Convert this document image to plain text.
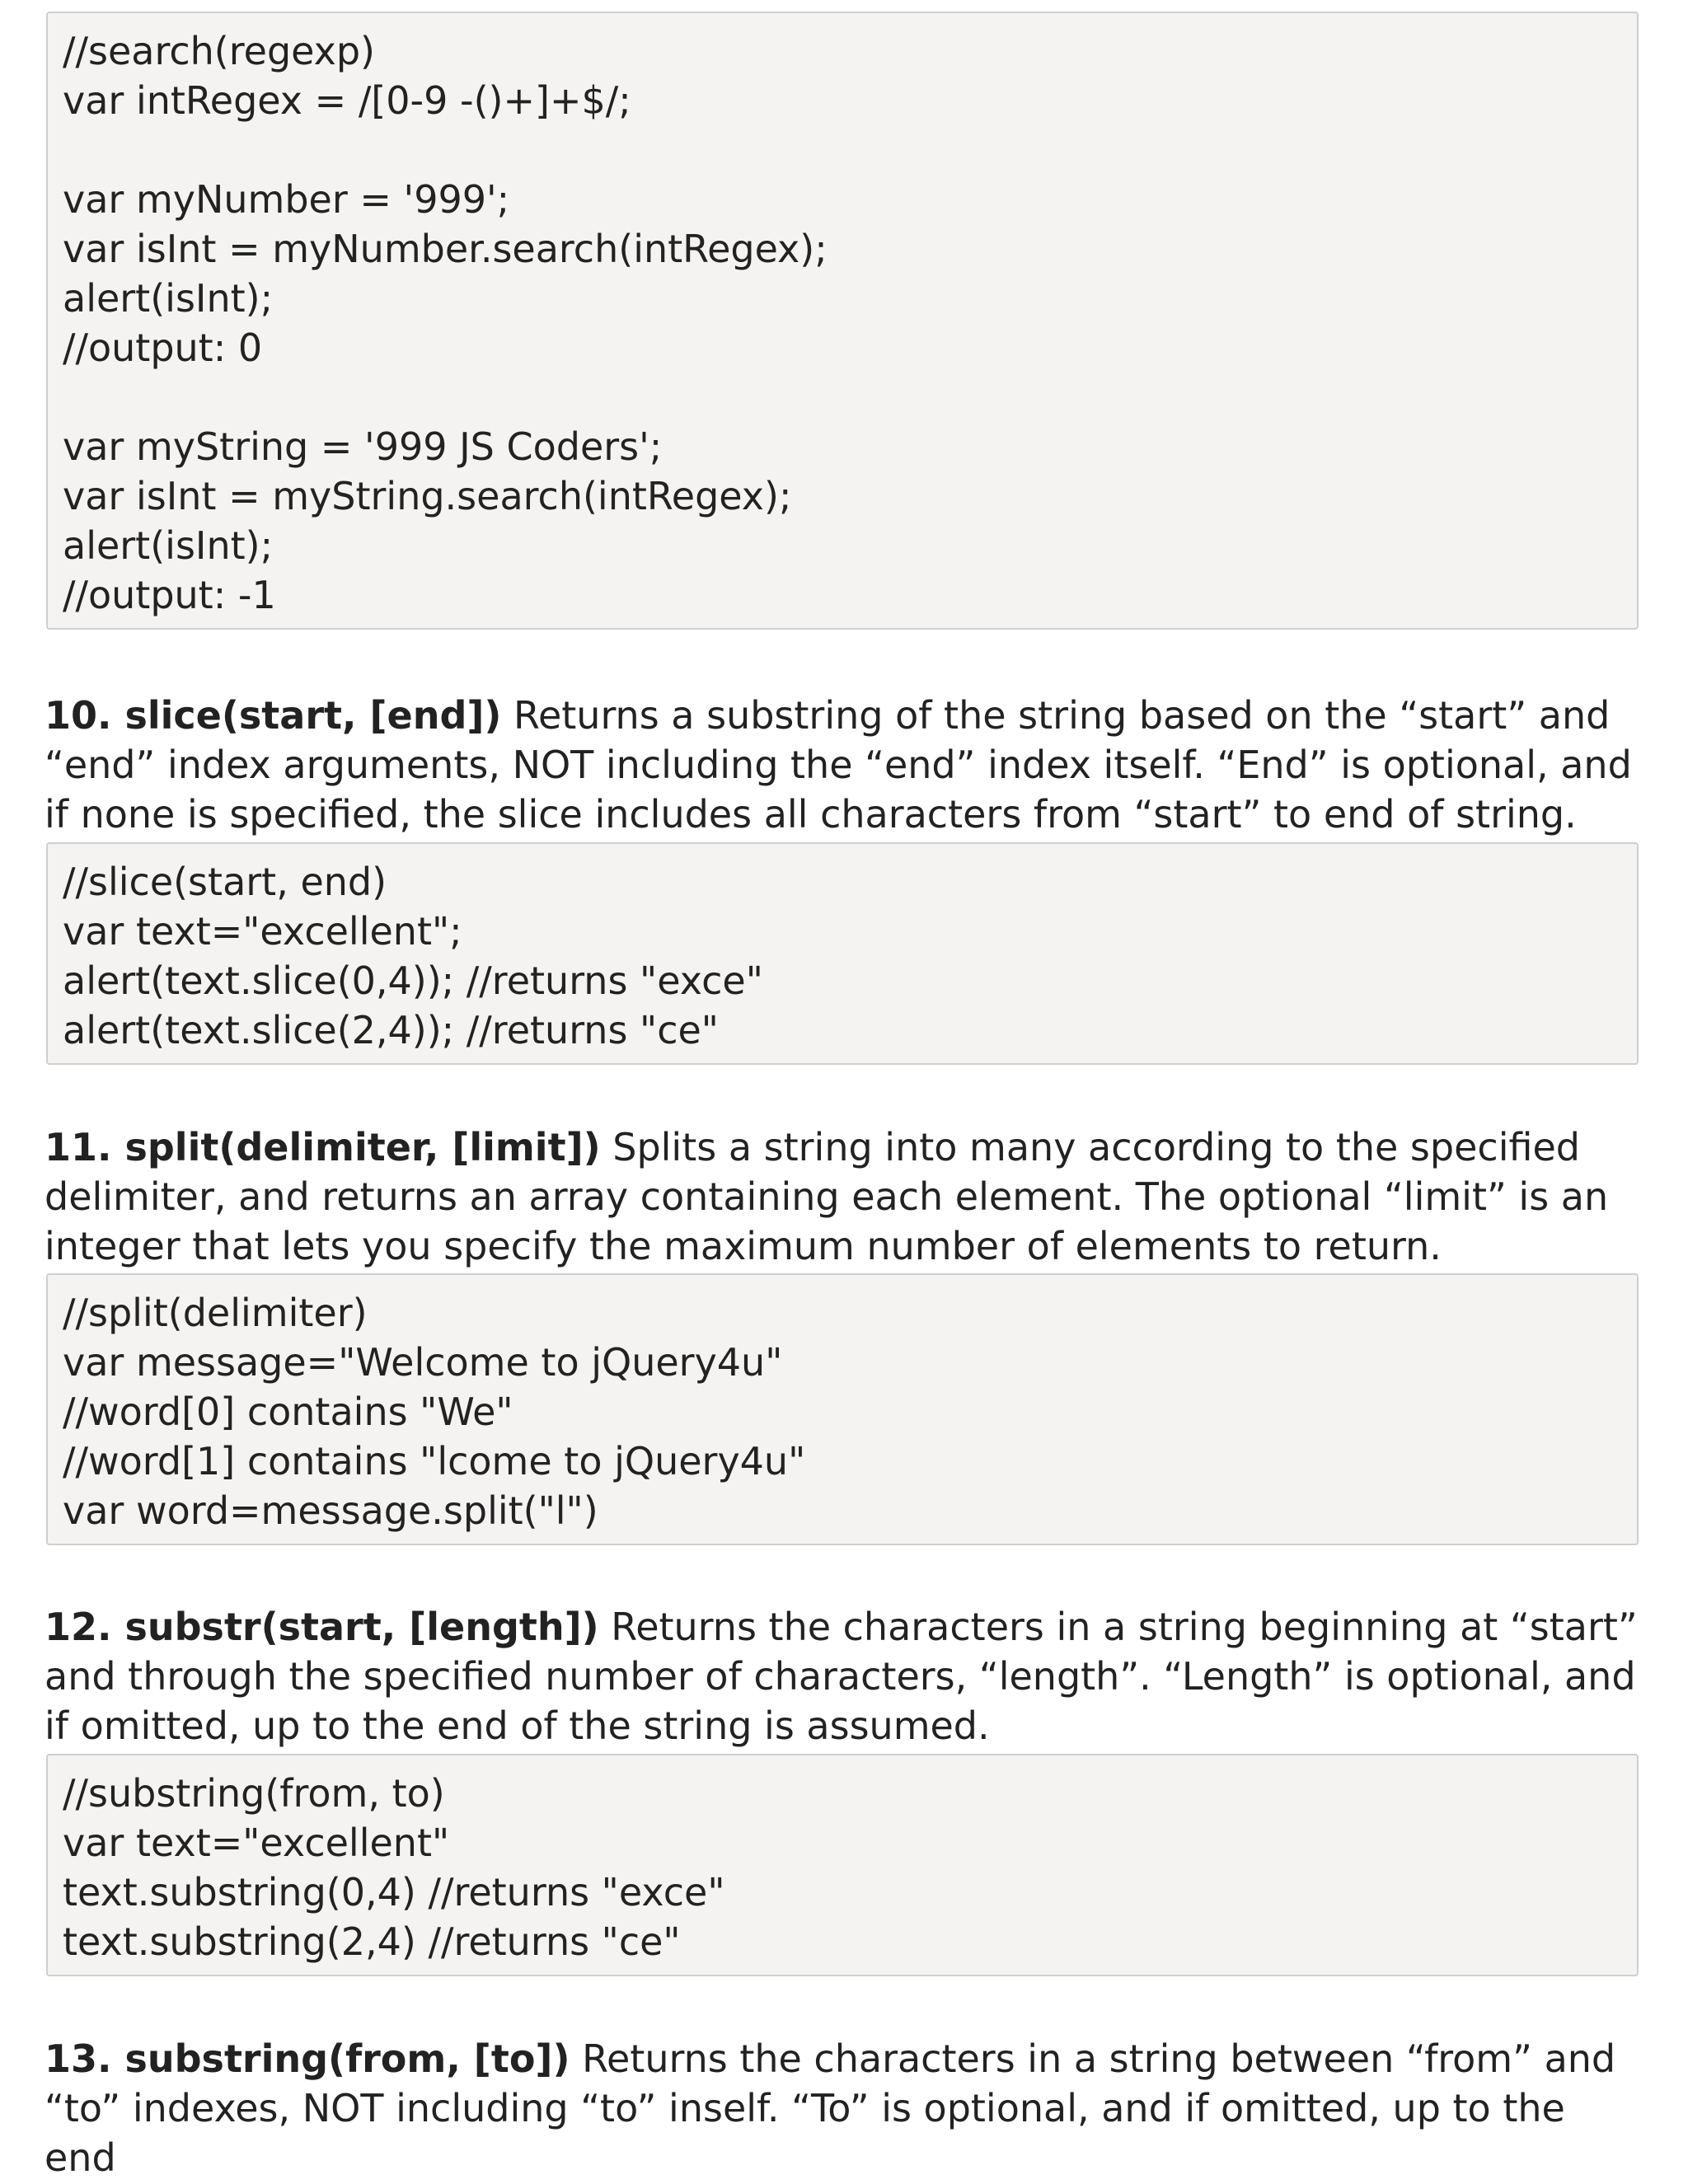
//search(regexp)
var intRegex = /[0-9 -()+]+$/;
var myNumber = '999';
var isInt = myNumber.search(intRegex);
alert(isInt);
//output: 0
var myString = '999 JS Coders';
var isInt = myString.search(intRegex);
alert(isInt);
//output: -1
10. slice(start, [end]) Returns a substring of the string based on the “start” and “end” index arguments, NOT including the “end” index itself. “End” is optional, and if none is specified, the slice includes all characters from “start” to end of string.
//slice(start, end)
var text="excellent";
alert(text.slice(0,4)); //returns "exce"
alert(text.slice(2,4)); //returns "ce"
11. split(delimiter, [limit]) Splits a string into many according to the specified delimiter, and returns an array containing each element. The optional “limit” is an integer that lets you specify the maximum number of elements to return.
//split(delimiter)
var message="Welcome to jQuery4u"
//word[0] contains "We"
//word[1] contains "lcome to jQuery4u"
var word=message.split("l")
12. substr(start, [length]) Returns the characters in a string beginning at “start” and through the specified number of characters, “length”. “Length” is optional, and if omitted, up to the end of the string is assumed.
//substring(from, to)
var text="excellent"
text.substring(0,4) //returns "exce"
text.substring(2,4) //returns "ce"
13. substring(from, [to]) Returns the characters in a string between “from” and “to” indexes, NOT including “to” inself. “To” is optional, and if omitted, up to the end
